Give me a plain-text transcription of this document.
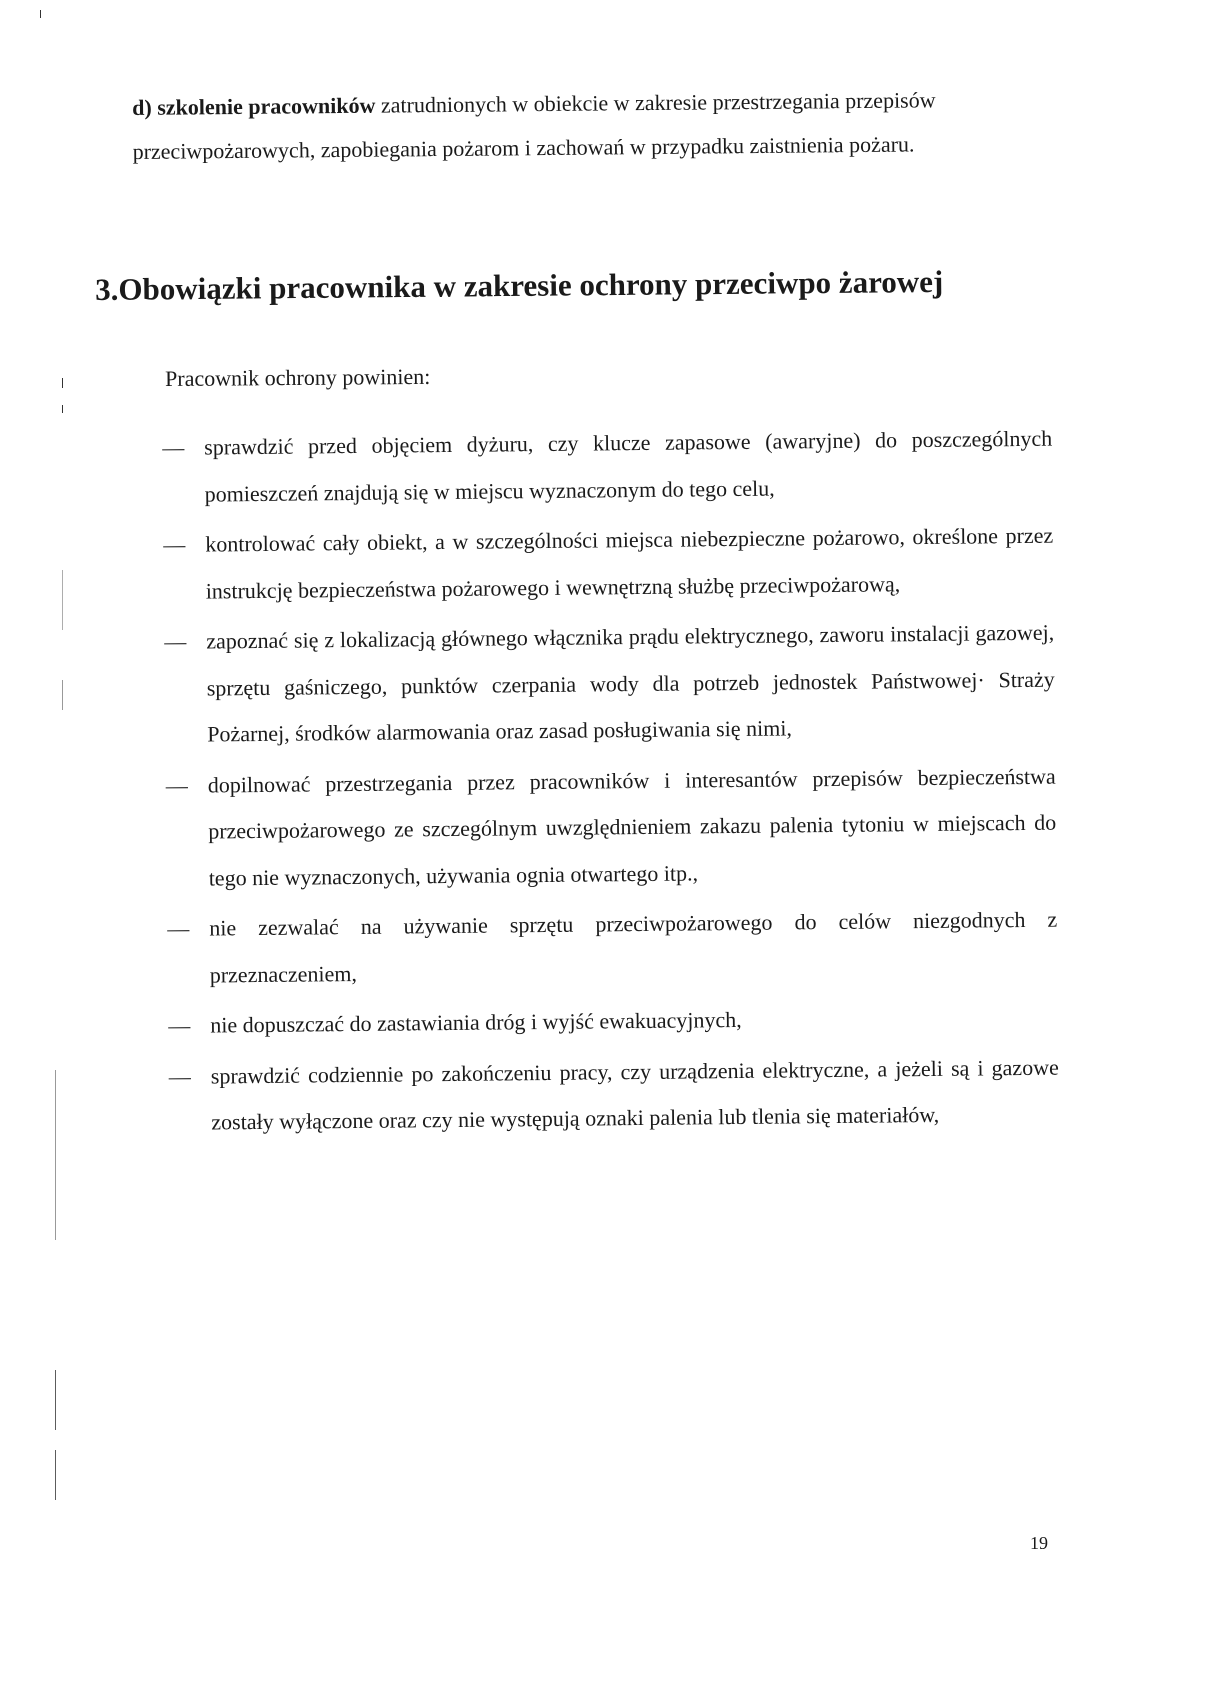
d) szkolenie pracowników zatrudnionych w obiekcie w zakresie przestrzegania przepisów przeciwpożarowych, zapobiegania pożarom i zachowań w przypadku zaistnienia pożaru.

3.Obowiązki pracownika w zakresie ochrony przeciwpo żarowej

Pracownik ochrony powinien:

— sprawdzić przed objęciem dyżuru, czy klucze zapasowe (awaryjne) do poszczególnych pomieszczeń znajdują się w miejscu wyznaczonym do tego celu,
— kontrolować cały obiekt, a w szczególności miejsca niebezpieczne pożarowo, określone przez instrukcję bezpieczeństwa pożarowego i wewnętrzną służbę przeciwpożarową,
— zapoznać się z lokalizacją głównego włącznika prądu elektrycznego, zaworu instalacji gazowej, sprzętu gaśniczego, punktów czerpania wody dla potrzeb jednostek Państwowej· Straży Pożarnej, środków alarmowania oraz zasad posługiwania się nimi,
— dopilnować przestrzegania przez pracowników i interesantów przepisów bezpieczeństwa przeciwpożarowego ze szczególnym uwzględnieniem zakazu palenia tytoniu w miejscach do tego nie wyznaczonych, używania ognia otwartego itp.,
— nie zezwalać na używanie sprzętu przeciwpożarowego do celów niezgodnych z przeznaczeniem,
— nie dopuszczać do zastawiania dróg i wyjść ewakuacyjnych,
— sprawdzić codziennie po zakończeniu pracy, czy urządzenia elektryczne, a jeżeli są i gazowe zostały wyłączone oraz czy nie występują oznaki palenia lub tlenia się materiałów,

19
